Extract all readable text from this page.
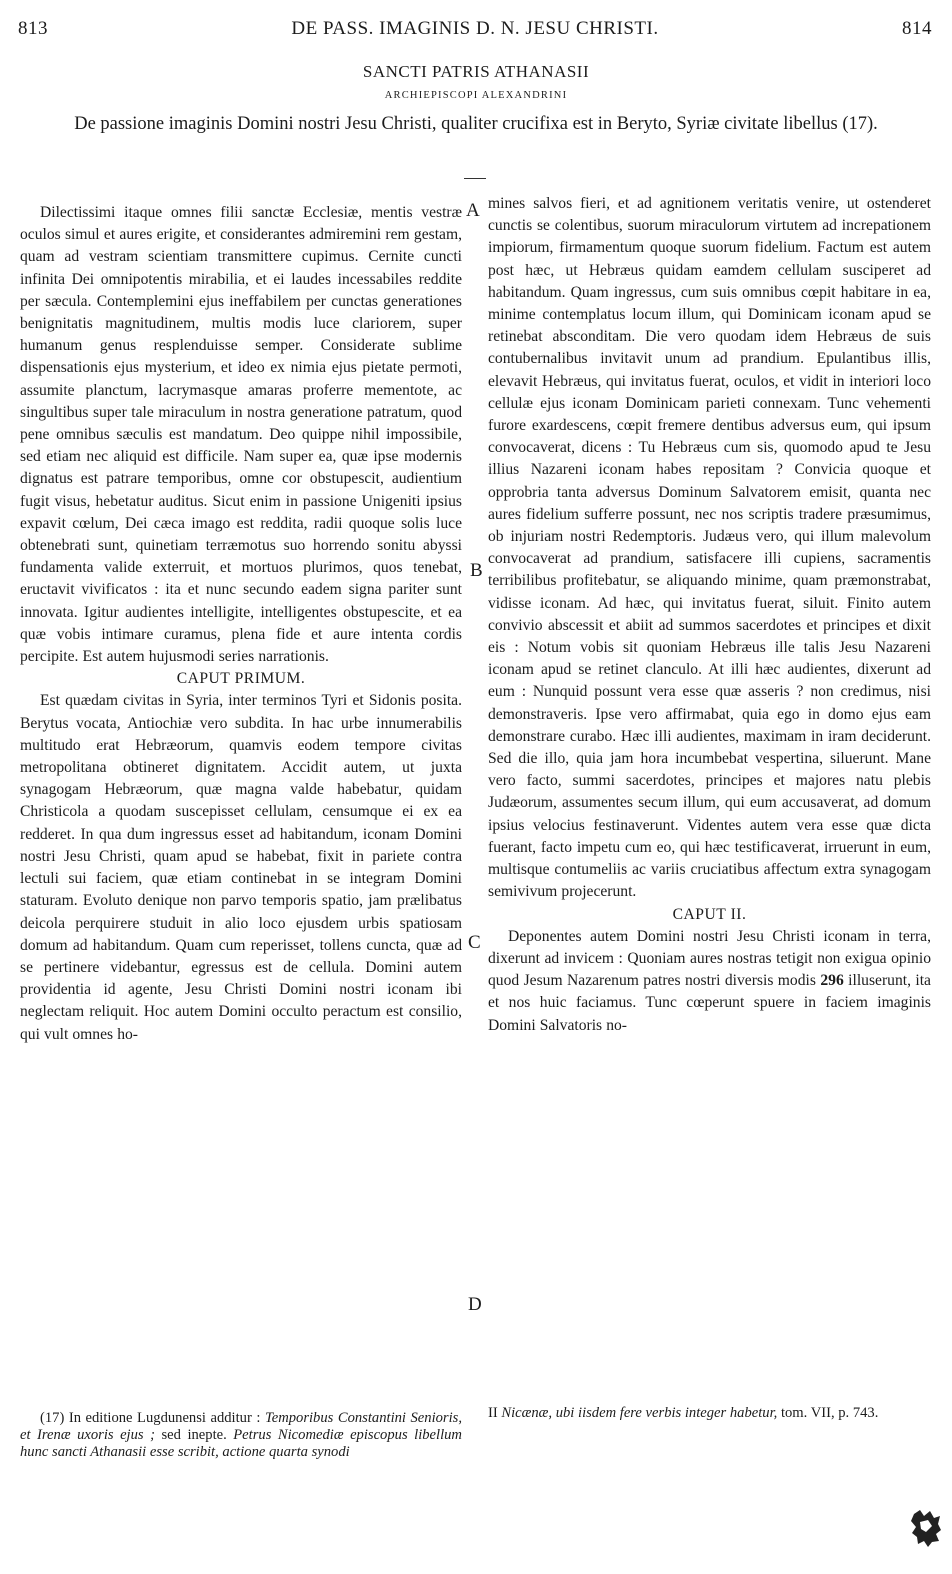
813	DE PASS. IMAGINIS D. N. JESU CHRISTI.	814
SANCTI PATRIS ATHANASII
ARCHIEPISCOPI ALEXANDRINI
De passione imaginis Domini nostri Jesu Christi, qualiter crucifixa est in Beryto, Syriæ civitate libellus (17).

Dilectissimi itaque omnes filii sanctæ Ecclesiæ, mentis vestræ oculos simul et aures erigite, et considerantes admiremini rem gestam, quam ad vestram scientiam transmittere cupimus. Cernite cuncti infinita Dei omnipotentis mirabilia, et ei laudes incessabiles reddite per sæcula. Contemplemini ejus ineffabilem per cunctas generationes benignitatis magnitudinem, multis modis luce clariorem, super humanum genus resplenduisse semper. Considerate sublime dispensationis ejus mysterium, et ideo ex nimia ejus pietate permoti, assumite planctum, lacrymasque amaras proferre mementote, ac singultibus super tale miraculum in nostra generatione patratum, quod pene omnibus sæculis est mandatum. Deo quippe nihil impossibile, sed etiam nec aliquid est difficile. Nam super ea, quæ ipse modernis dignatus est patrare temporibus, omne cor obstupescit, audientium fugit visus, hebetatur auditus. Sicut enim in passione Unigeniti ipsius expavit cœlum, Dei cæca imago est reddita, radii quoque solis luce obtenebrati sunt, quinetiam terræmotus suo horrendo sonitu abyssi fundamenta valide exterruit, et mortuos plurimos, quos tenebat, eructavit vivificatos : ita et nunc secundo eadem signa pariter sunt innovata. Igitur audientes intelligite, intelligentes obstupescite, et ea quæ vobis intimare curamus, plena fide et aure intenta cordis percipite. Est autem hujusmodi series narrationis.

CAPUT PRIMUM.

Est quædam civitas in Syria, inter terminos Tyri et Sidonis posita. Berytus vocata, Antiochiæ vero subdita. In hac urbe innumerabilis multitudo erat Hebræorum, quamvis eodem tempore civitas metropolitana obtineret dignitatem. Accidit autem, ut juxta synagogam Hebræorum, quæ magna valde habebatur, quidam Christicola a quodam suscepisset cellulam, censumque ei ex ea redderet. In qua dum ingressus esset ad habitandum, iconam Domini nostri Jesu Christi, quam apud se habebat, fixit in pariete contra lectuli sui faciem, quæ etiam continebat in se integram Domini staturam. Evoluto denique non parvo temporis spatio, jam prælibatus deicola perquirere studuit in alio loco ejusdem urbis spatiosam domum ad habitandum. Quam cum reperisset, tollens cuncta, quæ ad se pertinere videbantur, egressus est de cellula. Domini autem providentia id agente, Jesu Christi Domini nostri iconam ibi neglectam reliquit. Hoc autem Domini occulto peractum est consilio, qui vult omnes ho-

mines salvos fieri, et ad agnitionem veritatis venire, ut ostenderet cunctis se colentibus, suorum miraculorum virtutem ad increpationem impiorum, firmamentum quoque suorum fidelium. Factum est autem post hæc, ut Hebræus quidam eamdem cellulam susciperet ad habitandum. Quam ingressus, cum suis omnibus cœpit habitare in ea, minime contemplatus locum illum, qui Dominicam iconam apud se retinebat absconditam. Die vero quodam idem Hebræus de suis contubernalibus invitavit unum ad prandium. Epulantibus illis, elevavit Hebræus, qui invitatus fuerat, oculos, et vidit in interiori loco cellulæ ejus iconam Dominicam parieti connexam. Tunc vehementi furore exardescens, cœpit fremere dentibus adversus eum, qui ipsum convocaverat, dicens : Tu Hebræus cum sis, quomodo apud te Jesu illius Nazareni iconam habes repositam ? Convicia quoque et opprobria tanta adversus Dominum Salvatorem emisit, quanta nec aures fidelium sufferre possunt, nec nos scriptis tradere præsumimus, ob injuriam nostri Redemptoris. Judæus vero, qui illum malevolum convocaverat ad prandium, satisfacere illi cupiens, sacramentis terribilibus profitebatur, se aliquando minime, quam præmonstrabat, vidisse iconam. Ad hæc, qui invitatus fuerat, siluit. Finito autem convivio abscessit et abiit ad summos sacerdotes et principes et dixit eis : Notum vobis sit quoniam Hebræus ille talis Jesu Nazareni iconam apud se retinet clanculo. At illi hæc audientes, dixerunt ad eum : Nunquid possunt vera esse quæ asseris ? non credimus, nisi demonstraveris. Ipse vero affirmabat, quia ego in domo ejus eam demonstrare curabo. Hæc illi audientes, maximam in iram deciderunt. Sed die illo, quia jam hora incumbebat vespertina, siluerunt. Mane vero facto, summi sacerdotes, principes et majores natu plebis Judæorum, assumentes secum illum, qui eum accusaverat, ad domum ipsius velocius festinaverunt. Videntes autem vera esse quæ dicta fuerant, facto impetu cum eo, qui hæc testificaverat, irruerunt in eum, multisque contumeliis ac variis cruciatibus affectum extra synagogam semivivum projecerunt.

CAPUT II.

Deponentes autem Domini nostri Jesu Christi iconam in terra, dixerunt ad invicem : Quoniam aures nostras tetigit non exigua opinio quod Jesum Nazarenum patres nostri diversis modis 296 illuserunt, ita et nos huic faciamus. Tunc cœperunt spuere in faciem imaginis Domini Salvatoris no-

A
B
C
D

(17) In editione Lugdunensi additur : Temporibus Constantini Senioris, et Irenæ uxoris ejus ; sed inepte. Petrus Nicomediæ episcopus libellum hunc sancti Athanasii esse scribit, actione quarta synodi

II Nicænæ, ubi iisdem fere verbis integer habetur, tom. VII, p. 743.
